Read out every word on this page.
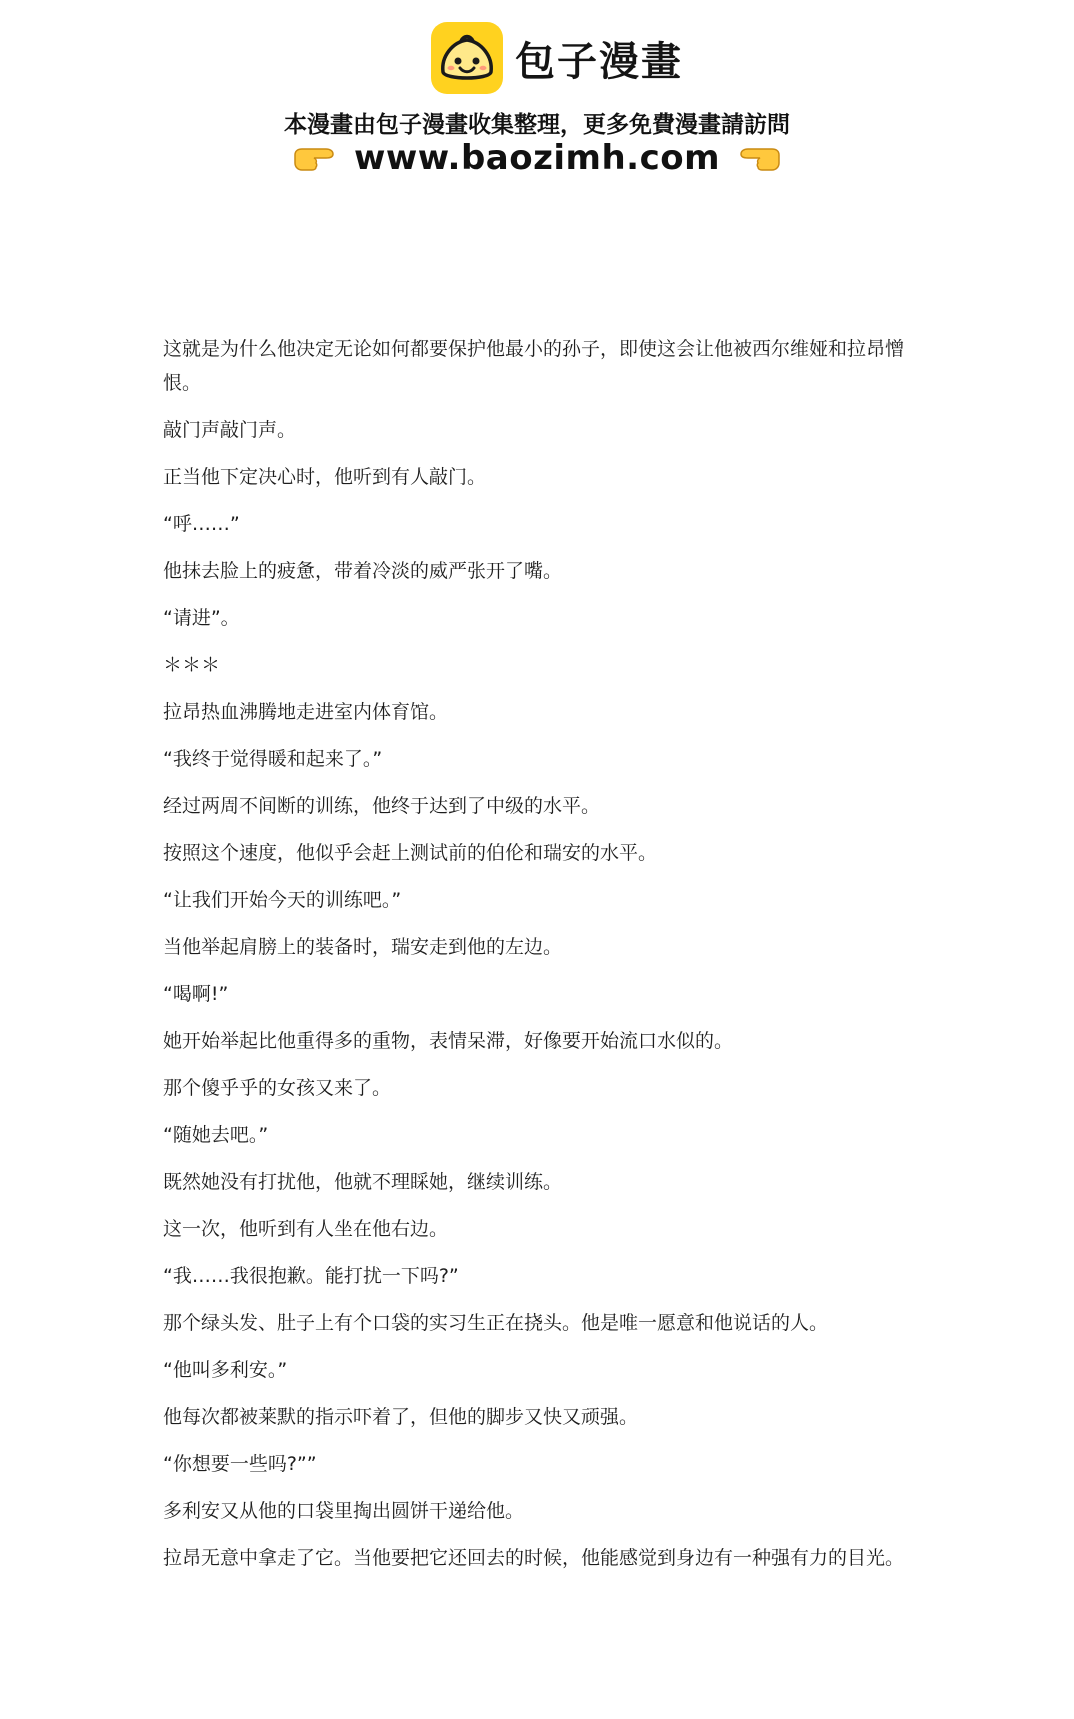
包子漫畫
本漫畫由包子漫畫收集整理，更多免費漫畫請訪問
www.baozimh.com

这就是为什么他决定无论如何都要保护他最小的孙子，即使这会让他被西尔维娅和拉昂憎恨。

敲门声敲门声。

正当他下定决心时，他听到有人敲门。

“呼……”

他抹去脸上的疲惫，带着冷淡的威严张开了嘴。

“请进”。

＊＊＊

拉昂热血沸腾地走进室内体育馆。

“我终于觉得暖和起来了。”

经过两周不间断的训练，他终于达到了中级的水平。

按照这个速度，他似乎会赶上测试前的伯伦和瑞安的水平。

“让我们开始今天的训练吧。”

当他举起肩膀上的装备时，瑞安走到他的左边。

“喝啊!”

她开始举起比他重得多的重物，表情呆滞，好像要开始流口水似的。

那个傻乎乎的女孩又来了。

“随她去吧。”

既然她没有打扰他，他就不理睬她，继续训练。

这一次，他听到有人坐在他右边。

“我……我很抱歉。能打扰一下吗?”

那个绿头发、肚子上有个口袋的实习生正在挠头。他是唯一愿意和他说话的人。

“他叫多利安。”

他每次都被莱默的指示吓着了，但他的脚步又快又顽强。

“你想要一些吗?””

多利安又从他的口袋里掏出圆饼干递给他。

拉昂无意中拿走了它。当他要把它还回去的时候，他能感觉到身边有一种强有力的目光。
